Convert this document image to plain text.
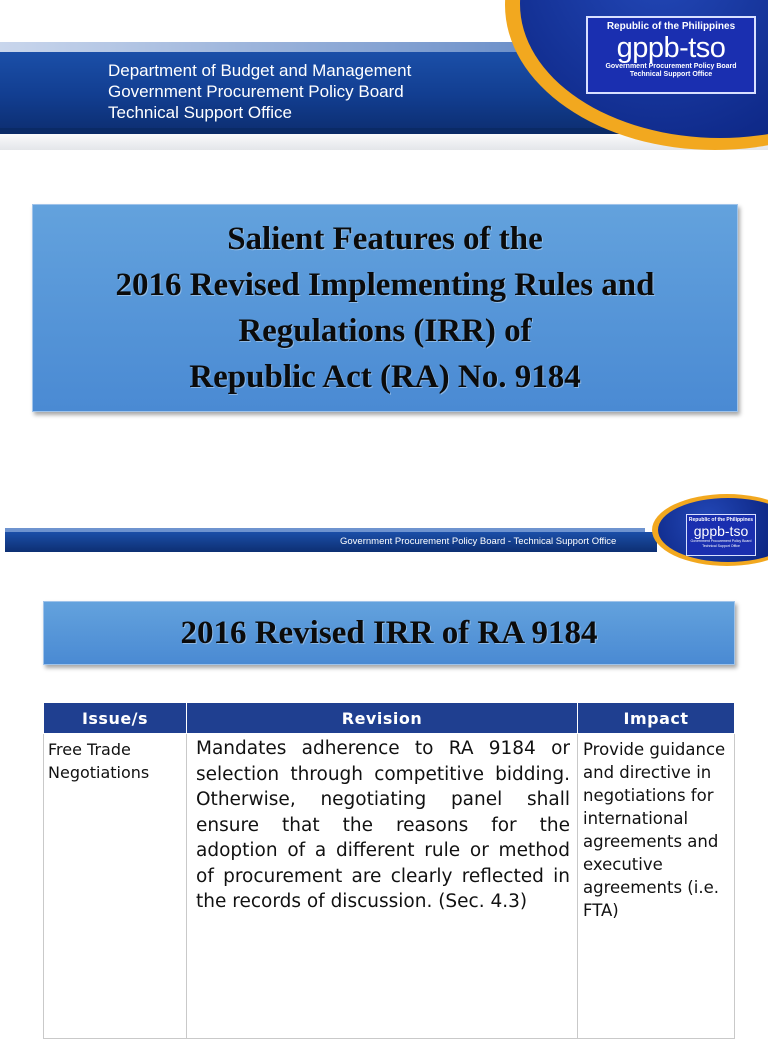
Department of Budget and Management
Government Procurement Policy Board
Technical Support Office
Republic of the Philippines
gppb-tso
Government Procurement Policy Board
Technical Support Office
Salient Features of the
2016 Revised Implementing Rules and
Regulations (IRR) of
Republic Act (RA) No. 9184
Government Procurement Policy Board - Technical Support Office
Republic of the Philippines
gppb-tso
Government Procurement Policy Board
Technical Support Office
2016 Revised IRR of RA 9184
Issue/s	Revision	Impact
Free Trade Negotiations	Mandates adherence to RA 9184 or selection through competitive bidding. Otherwise, negotiating panel shall ensure that the reasons for the adoption of a different rule or method of procurement are clearly reflected in the records of discussion. (Sec. 4.3)	Provide guidance and directive in negotiations for international agreements and executive agreements (i.e. FTA)
